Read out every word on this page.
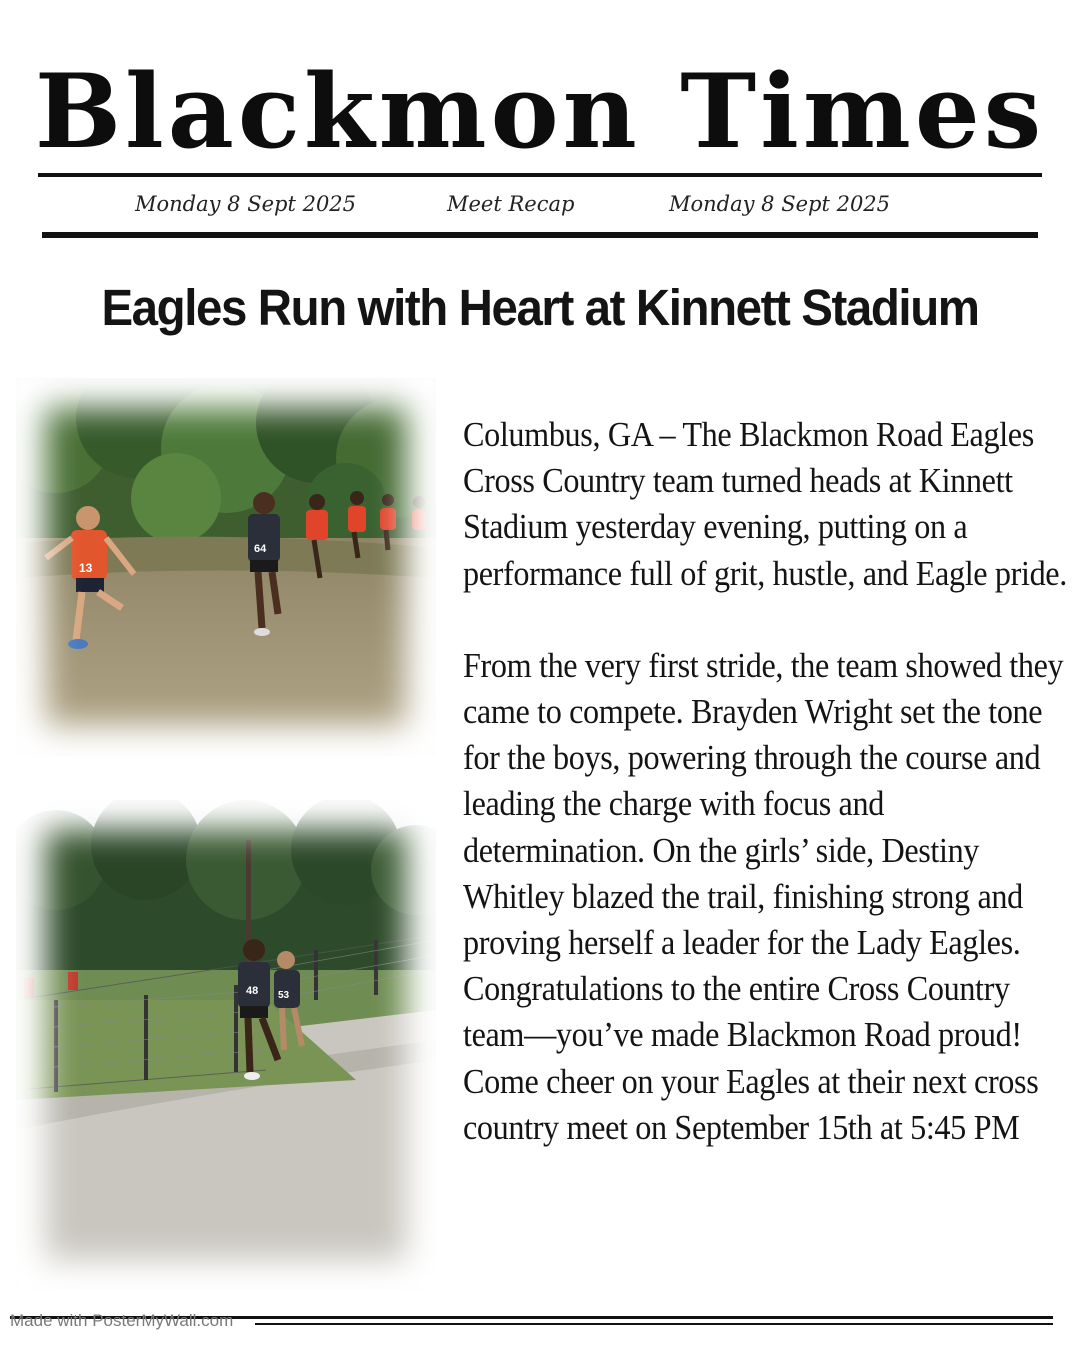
Blackmon Times
Monday 8 Sept 2025	Meet Recap	Monday 8 Sept 2025
Eagles Run with Heart at Kinnett Stadium
13
64
48 53

Columbus, GA – The Blackmon Road Eagles Cross Country team turned heads at Kinnett Stadium yesterday evening, putting on a performance full of grit, hustle, and Eagle pride.

From the very first stride, the team showed they came to compete. Brayden Wright set the tone for the boys, powering through the course and leading the charge with focus and determination. On the girls’ side, Destiny Whitley blazed the trail, finishing strong and proving herself a leader for the Lady Eagles. Congratulations to the entire Cross Country team—you’ve made Blackmon Road proud! Come cheer on your Eagles at their next cross country meet on September 15th at 5:45 PM

Made with PosterMyWall.com
